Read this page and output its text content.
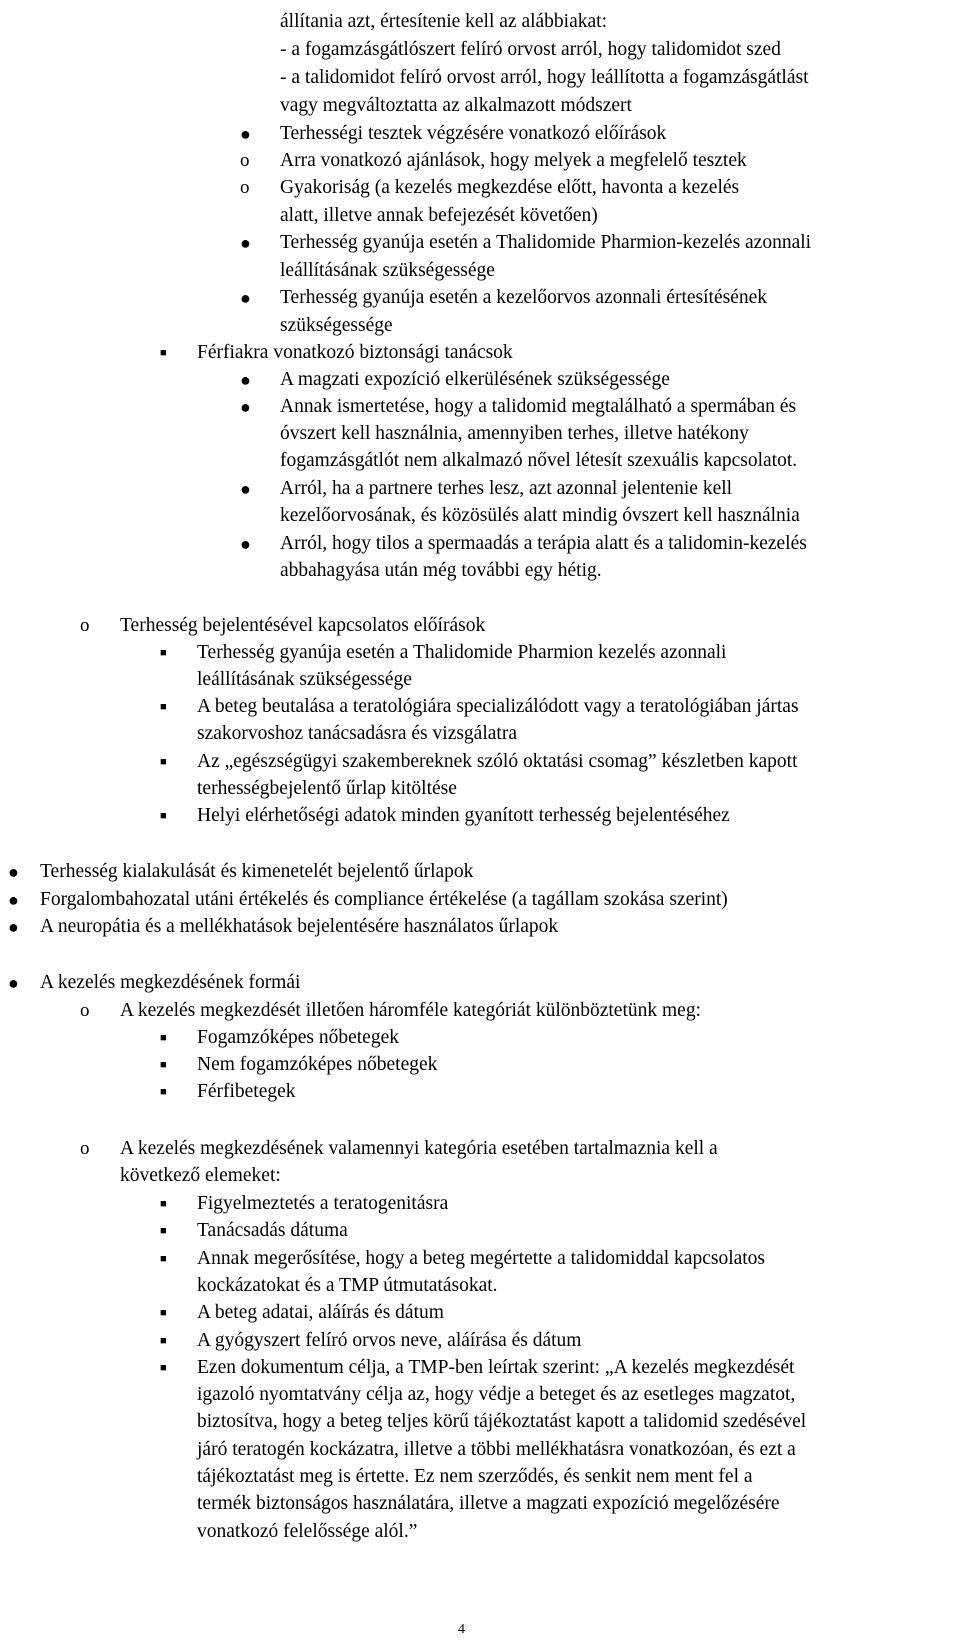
állítania azt, értesítenie kell az alábbiakat:
- a fogamzásgátlószert felíró orvost arról, hogy talidomidot szed
- a talidomidot felíró orvost arról, hogy leállította a fogamzásgátlást
vagy megváltoztatta az alkalmazott módszert
● Terhességi tesztek végzésére vonatkozó előírások
o Arra vonatkozó ajánlások, hogy melyek a megfelelő tesztek
o Gyakoriság (a kezelés megkezdése előtt, havonta a kezelés
alatt, illetve annak befejezését követően)
● Terhesség gyanúja esetén a Thalidomide Pharmion-kezelés azonnali
leállításának szükségessége
● Terhesség gyanúja esetén a kezelőorvos azonnali értesítésének
szükségessége
■ Férfiakra vonatkozó biztonsági tanácsok
● A magzati expozíció elkerülésének szükségessége
● Annak ismertetése, hogy a talidomid megtalálható a spermában és
óvszert kell használnia, amennyiben terhes, illetve hatékony
fogamzásgátlót nem alkalmazó nővel létesít szexuális kapcsolatot.
● Arról, ha a partnere terhes lesz, azt azonnal jelentenie kell
kezelőorvosának, és közösülés alatt mindig óvszert kell használnia
● Arról, hogy tilos a spermaadás a terápia alatt és a talidomin-kezelés
abbahagyása után még további egy hétig.
o Terhesség bejelentésével kapcsolatos előírások
■ Terhesség gyanúja esetén a Thalidomide Pharmion kezelés azonnali
leállításának szükségessége
■ A beteg beutalása a teratológiára specializálódott vagy a teratológiában jártas
szakorvoshoz tanácsadásra és vizsgálatra
■ Az „egészségügyi szakembereknek szóló oktatási csomag” készletben kapott
terhességbejelentő űrlap kitöltése
■ Helyi elérhetőségi adatok minden gyanított terhesség bejelentéséhez
● Terhesség kialakulását és kimenetelét bejelentő űrlapok
● Forgalombahozatal utáni értékelés és compliance értékelése (a tagállam szokása szerint)
● A neuropátia és a mellékhatások bejelentésére használatos űrlapok
● A kezelés megkezdésének formái
o A kezelés megkezdését illetően háromféle kategóriát különböztetünk meg:
■ Fogamzóképes nőbetegek
■ Nem fogamzóképes nőbetegek
■ Férfibetegek
o A kezelés megkezdésének valamennyi kategória esetében tartalmaznia kell a
következő elemeket:
■ Figyelmeztetés a teratogenitásra
■ Tanácsadás dátuma
■ Annak megerősítése, hogy a beteg megértette a talidomiddal kapcsolatos
kockázatokat és a TMP útmutatásokat.
■ A beteg adatai, aláírás és dátum
■ A gyógyszert felíró orvos neve, aláírása és dátum
■ Ezen dokumentum célja, a TMP-ben leírtak szerint: „A kezelés megkezdését
igazoló nyomtatvány célja az, hogy védje a beteget és az esetleges magzatot,
biztosítva, hogy a beteg teljes körű tájékoztatást kapott a talidomid szedésével
járó teratogén kockázatra, illetve a többi mellékhatásra vonatkozóan, és ezt a
tájékoztatást meg is értette. Ez nem szerződés, és senkit nem ment fel a
termék biztonságos használatára, illetve a magzati expozíció megelőzésére
vonatkozó felelőssége alól.”
4
